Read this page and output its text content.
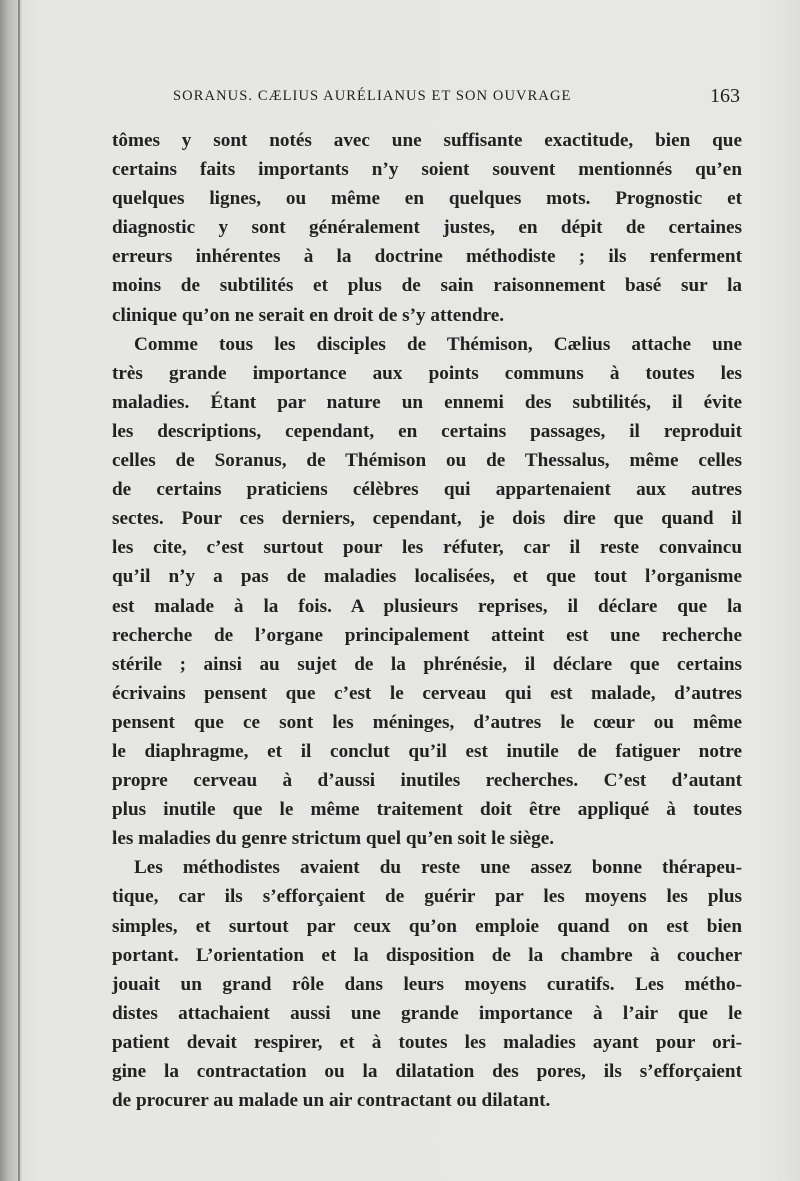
SORANUS. CÆLIUS AURÉLIANUS ET SON OUVRAGE	163
tômes y sont notés avec une suffisante exactitude, bien que
certains faits importants n’y soient souvent mentionnés qu’en
quelques lignes, ou même en quelques mots. Prognostic et
diagnostic y sont généralement justes, en dépit de certaines
erreurs inhérentes à la doctrine méthodiste ; ils renferment
moins de subtilités et plus de sain raisonnement basé sur la
clinique qu’on ne serait en droit de s’y attendre.
Comme tous les disciples de Thémison, Cælius attache une
très grande importance aux points communs à toutes les
maladies. Étant par nature un ennemi des subtilités, il évite
les descriptions, cependant, en certains passages, il reproduit
celles de Soranus, de Thémison ou de Thessalus, même celles
de certains praticiens célèbres qui appartenaient aux autres
sectes. Pour ces derniers, cependant, je dois dire que quand il
les cite, c’est surtout pour les réfuter, car il reste convaincu
qu’il n’y a pas de maladies localisées, et que tout l’organisme
est malade à la fois. A plusieurs reprises, il déclare que la
recherche de l’organe principalement atteint est une recherche
stérile ; ainsi au sujet de la phrénésie, il déclare que certains
écrivains pensent que c’est le cerveau qui est malade, d’autres
pensent que ce sont les méninges, d’autres le cœur ou même
le diaphragme, et il conclut qu’il est inutile de fatiguer notre
propre cerveau à d’aussi inutiles recherches. C’est d’autant
plus inutile que le même traitement doit être appliqué à toutes
les maladies du genre strictum quel qu’en soit le siège.
Les méthodistes avaient du reste une assez bonne thérapeu-
tique, car ils s’efforçaient de guérir par les moyens les plus
simples, et surtout par ceux qu’on emploie quand on est bien
portant. L’orientation et la disposition de la chambre à coucher
jouait un grand rôle dans leurs moyens curatifs. Les métho-
distes attachaient aussi une grande importance à l’air que le
patient devait respirer, et à toutes les maladies ayant pour ori-
gine la contractation ou la dilatation des pores, ils s’efforçaient
de procurer au malade un air contractant ou dilatant.
